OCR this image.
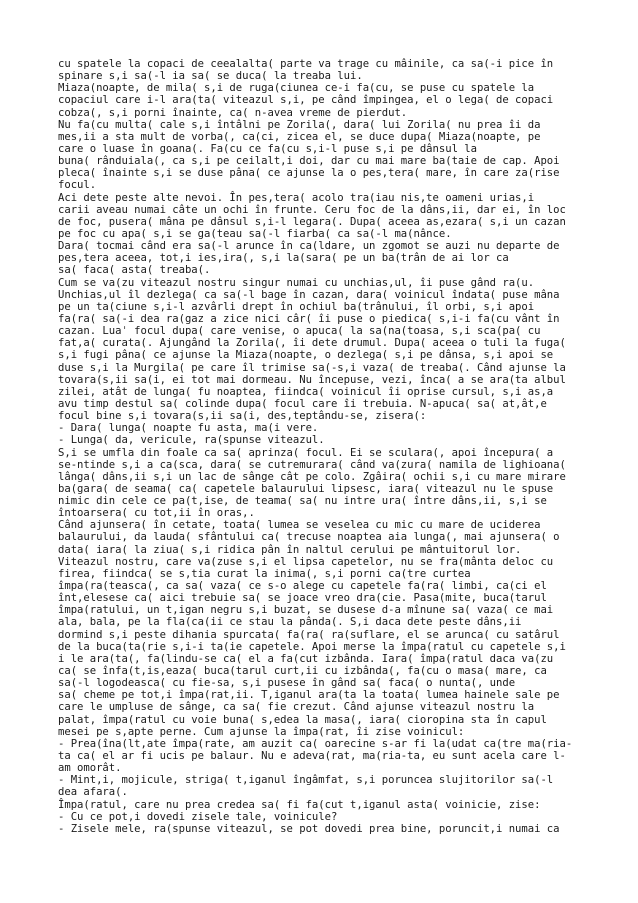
cu spatele la copaci de ceealalta( parte va trage cu mâinile, ca sa(-i pice în
spinare s,i sa(-l ia sa( se duca( la treaba lui.
Miaza(noapte, de mila( s,i de ruga(ciunea ce-i fa(cu, se puse cu spatele la
copaciul care i-l ara(ta( viteazul s,i, pe când împingea, el o lega( de copaci
cobza(, s,i porni înainte, ca( n-avea vreme de pierdut.
Nu fa(cu multa( cale s,i întâlni pe Zorila(, dara( lui Zorila( nu prea îi da
mes,ii a sta mult de vorba(, ca(ci, zicea el, se duce dupa( Miaza(noapte, pe
care o luase în goana(. Fa(cu ce fa(cu s,i-l puse s,i pe dânsul la
buna( rânduiala(, ca s,i pe ceilalt,i doi, dar cu mai mare ba(taie de cap. Apoi
pleca( înainte s,i se duse pâna( ce ajunse la o pes,tera( mare, în care za(rise
focul.
Aci dete peste alte nevoi. În pes,tera( acolo tra(iau nis,te oameni urias,i
carii aveau numai câte un ochi în frunte. Ceru foc de la dâns,ii, dar ei, în loc
de foc, pusera( mâna pe dânsul s,i-l legara(. Dupa( aceea as,ezara( s,i un cazan
pe foc cu apa( s,i se ga(teau sa(-l fiarba( ca sa(-l ma(nânce.
Dara( tocmai când era sa(-l arunce în ca(ldare, un zgomot se auzi nu departe de
pes,tera aceea, tot,i ies,ira(, s,i la(sara( pe un ba(trân de ai lor ca
sa( faca( asta( treaba(.
Cum se va(zu viteazul nostru singur numai cu unchias,ul, îi puse gând ra(u.
Unchias,ul îl dezlega( ca sa(-l bage în cazan, dara( voinicul îndata( puse mâna
pe un ta(ciune s,i-l azvârli drept în ochiul ba(trânului, îl orbi, s,i apoi
fa(ra( sa(-i dea ra(gaz a zice nici câr( îi puse o piedica( s,i-i fa(cu vânt în
cazan. Luaˈ focul dupa( care venise, o apuca( la sa(na(toasa, s,i sca(pa( cu
fat,a( curata(. Ajungând la Zorila(, îi dete drumul. Dupa( aceea o tuli la fuga(
s,i fugi pâna( ce ajunse la Miaza(noapte, o dezlega( s,i pe dânsa, s,i apoi se
duse s,i la Murgila( pe care îl trimise sa(-s,i vaza( de treaba(. Când ajunse la
tovara(s,ii sa(i, ei tot mai dormeau. Nu începuse, vezi, înca( a se ara(ta albul
zilei, atât de lunga( fu noaptea, fiindca( voinicul îi oprise cursul, s,i as,a
avu timp destul sa( colinde dupa( focul care îi trebuia. N-apuca( sa( at,ât,e
focul bine s,i tovara(s,ii sa(i, des,teptându-se, zisera(:
- Dara( lunga( noapte fu asta, ma(i vere.
- Lunga( da, vericule, ra(spunse viteazul.
S,i se umfla din foale ca sa( aprinza( focul. Ei se sculara(, apoi începura( a
se-ntinde s,i a ca(sca, dara( se cutremurara( când va(zura( namila de lighioana(
lânga( dâns,ii s,i un lac de sânge cât pe colo. Zgâira( ochii s,i cu mare mirare
ba(gara( de seama( ca( capetele balaurului lipsesc, iara( viteazul nu le spuse
nimic din cele ce pa(t,ise, de teama( sa( nu intre ura( între dâns,ii, s,i se
întoarsera( cu tot,ii în oras,.
Când ajunsera( în cetate, toata( lumea se veselea cu mic cu mare de uciderea
balaurului, da lauda( sfântului ca( trecuse noaptea aia lunga(, mai ajunsera( o
data( iara( la ziua( s,i ridica pân în naltul cerului pe mântuitorul lor.
Viteazul nostru, care va(zuse s,i el lipsa capetelor, nu se fra(mânta deloc cu
firea, fiindca( se s,tia curat la inima(, s,i porni ca(tre curtea
împa(ra(teasca(, ca sa( vaza( ce s-o alege cu capetele fa(ra( limbi, ca(ci el
înt,elesese ca( aici trebuie sa( se joace vreo dra(cie. Pasa(mite, buca(tarul
împa(ratului, un t,igan negru s,i buzat, se dusese d-a mînune sa( vaza( ce mai
ala, bala, pe la fla(ca(ii ce stau la pânda(. S,i daca dete peste dâns,ii
dormind s,i peste dihania spurcata( fa(ra( ra(suflare, el se arunca( cu satârul
de la buca(ta(rie s,i-i ta(ie capetele. Apoi merse la împa(ratul cu capetele s,i
i le ara(ta(, fa(lindu-se ca( el a fa(cut izbânda. Iara( împa(ratul daca va(zu
ca( se înfa(t,is,eaza( buca(tarul curt,ii cu izbânda(, fa(cu o masa( mare, ca
sa(-l logodeasca( cu fie-sa, s,i pusese în gând sa( faca( o nunta(, unde
sa( cheme pe tot,i împa(rat,ii. T,iganul ara(ta la toata( lumea hainele sale pe
care le umpluse de sânge, ca sa( fie crezut. Când ajunse viteazul nostru la
palat, împa(ratul cu voie buna( s,edea la masa(, iara( cioropina sta în capul
mesei pe s,apte perne. Cum ajunse la împa(rat, îi zise voinicul:
- Prea(îna(lt,ate împa(rate, am auzit ca( oarecine s-ar fi la(udat ca(tre ma(ria-
ta ca( el ar fi ucis pe balaur. Nu e adeva(rat, ma(ria-ta, eu sunt acela care l-
am omorât.
- Mint,i, mojicule, striga( t,iganul îngâmfat, s,i porunceа slujitorilor sa(-l
dea afara(.
Împa(ratul, care nu prea credea sa( fi fa(cut t,iganul asta( voinicie, zise:
- Cu ce pot,i dovedi zisele tale, voinicule?
- Zisele mele, ra(spunse viteazul, se pot dovedi prea bine, poruncit,i numai ca
